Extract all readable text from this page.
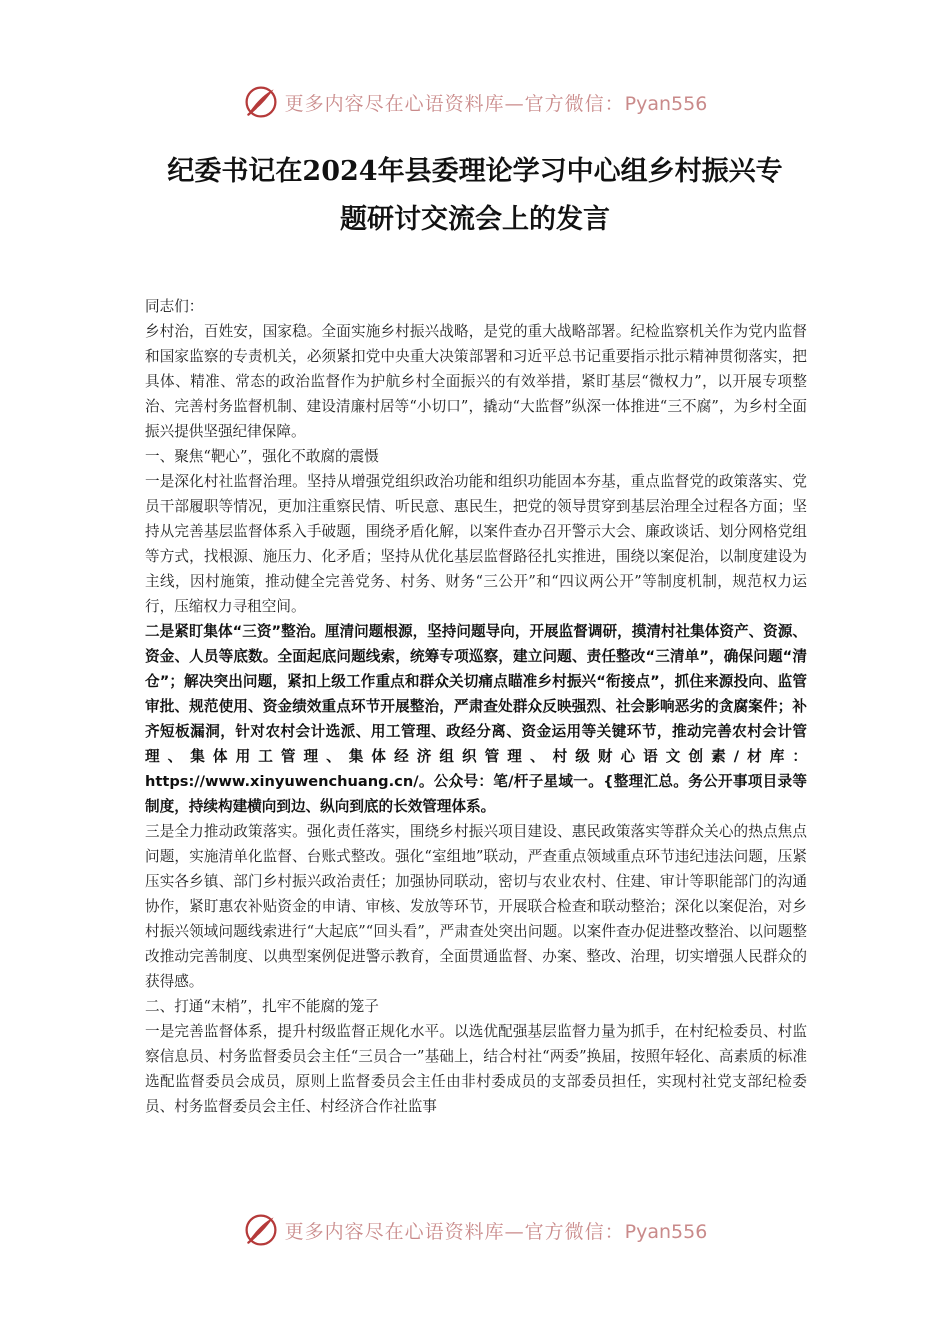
更多内容尽在心语资料库—官方微信：Pyan556
纪委书记在2024年县委理论学习中心组乡村振兴专
题研讨交流会上的发言

同志们：

乡村治，百姓安，国家稳。全面实施乡村振兴战略，是党的重大战略部署。纪检监察机关作为党内监督和国家监察的专责机关，必须紧扣党中央重大决策部署和习近平总书记重要指示批示精神贯彻落实，把具体、精准、常态的政治监督作为护航乡村全面振兴的有效举措，紧盯基层“微权力”，以开展专项整治、完善村务监督机制、建设清廉村居等“小切口”，撬动“大监督”纵深一体推进“三不腐”，为乡村全面振兴提供坚强纪律保障。

一、聚焦“靶心”，强化不敢腐的震慑

一是深化村社监督治理。坚持从增强党组织政治功能和组织功能固本夯基，重点监督党的政策落实、党员干部履职等情况，更加注重察民情、听民意、惠民生，把党的领导贯穿到基层治理全过程各方面；坚持从完善基层监督体系入手破题，围绕矛盾化解，以案件查办召开警示大会、廉政谈话、划分网格党组等方式，找根源、施压力、化矛盾；坚持从优化基层监督路径扎实推进，围绕以案促治，以制度建设为主线，因村施策，推动健全完善党务、村务、财务“三公开”和“四议两公开”等制度机制，规范权力运行，压缩权力寻租空间。

二是紧盯集体“三资”整治。厘清问题根源，坚持问题导向，开展监督调研，摸清村社集体资产、资源、资金、人员等底数。全面起底问题线索，统筹专项巡察，建立问题、责任整改“三清单”，确保问题“清仓”；解决突出问题，紧扣上级工作重点和群众关切痛点瞄准乡村振兴“衔接点”，抓住来源投向、监管审批、规范使用、资金绩效重点环节开展整治，严肃查处群众反映强烈、社会影响恶劣的贪腐案件；补齐短板漏洞，针对农村会计选派、用工管理、政经分离、资金运用等关键环节，推动完善农村会计管理、集体用工管理、集体经济组织管理、村级财心语文创素/材库：https://www.xinyuwenchuang.cn/。公众号：笔/杆子星域一。{整理汇总。务公开事项目录等制度，持续构建横向到边、纵向到底的长效管理体系。

三是全力推动政策落实。强化责任落实，围绕乡村振兴项目建设、惠民政策落实等群众关心的热点焦点问题，实施清单化监督、台账式整改。强化“室组地”联动，严查重点领域重点环节违纪违法问题，压紧压实各乡镇、部门乡村振兴政治责任；加强协同联动，密切与农业农村、住建、审计等职能部门的沟通协作，紧盯惠农补贴资金的申请、审核、发放等环节，开展联合检查和联动整治；深化以案促治，对乡村振兴领域问题线索进行“大起底”“回头看”，严肃查处突出问题。以案件查办促进整改整治、以问题整改推动完善制度、以典型案例促进警示教育，全面贯通监督、办案、整改、治理，切实增强人民群众的获得感。

二、打通“末梢”，扎牢不能腐的笼子

一是完善监督体系，提升村级监督正规化水平。以选优配强基层监督力量为抓手，在村纪检委员、村监察信息员、村务监督委员会主任“三员合一”基础上，结合村社“两委”换届，按照年轻化、高素质的标准选配监督委员会成员，原则上监督委员会主任由非村委成员的支部委员担任，实现村社党支部纪检委员、村务监督委员会主任、村经济合作社监事

更多内容尽在心语资料库—官方微信：Pyan556
